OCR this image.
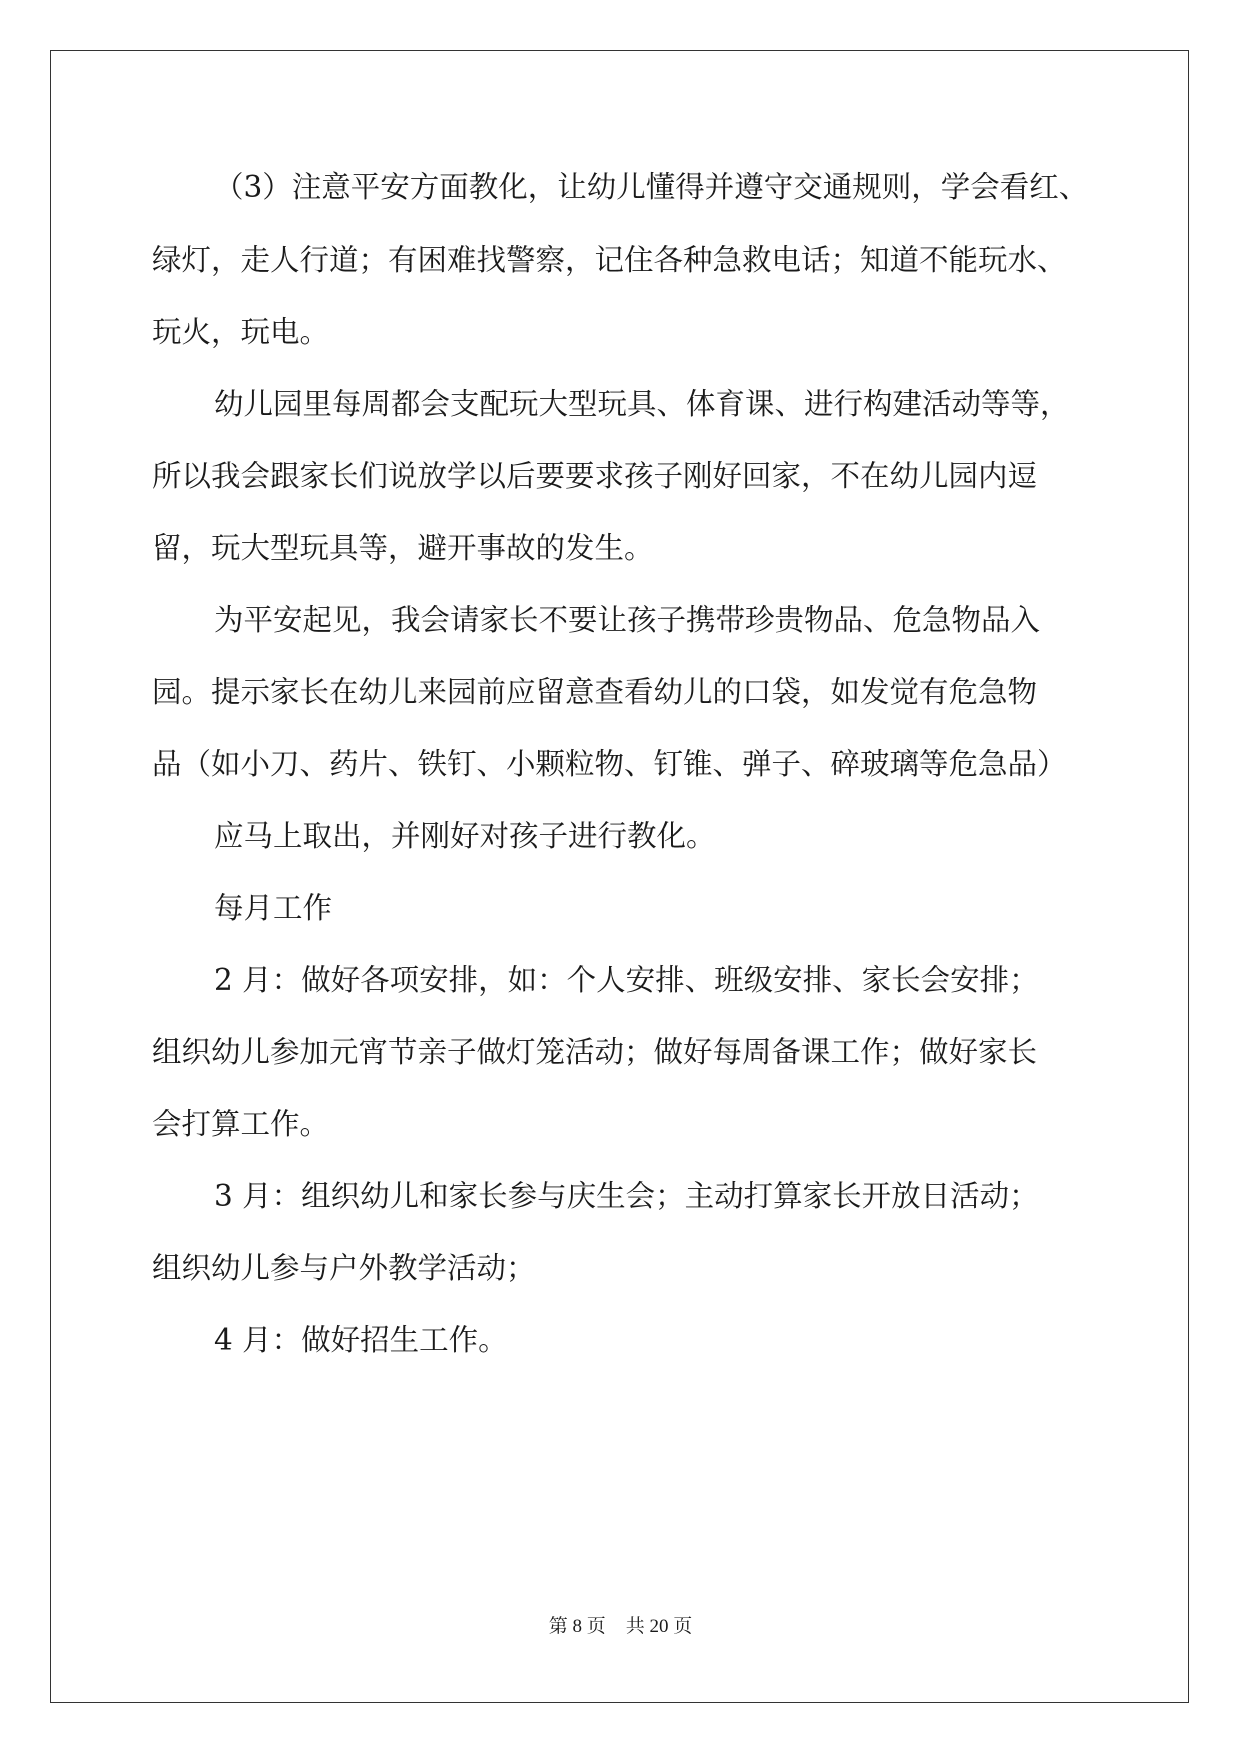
（3）注意平安方面教化，让幼儿懂得并遵守交通规则，学会看红、
绿灯，走人行道；有困难找警察，记住各种急救电话；知道不能玩水、
玩火，玩电。
幼儿园里每周都会支配玩大型玩具、体育课、进行构建活动等等，
所以我会跟家长们说放学以后要要求孩子刚好回家，不在幼儿园内逗
留，玩大型玩具等，避开事故的发生。
为平安起见，我会请家长不要让孩子携带珍贵物品、危急物品入
园。提示家长在幼儿来园前应留意查看幼儿的口袋，如发觉有危急物
品（如小刀、药片、铁钉、小颗粒物、钉锥、弹子、碎玻璃等危急品）
应马上取出，并刚好对孩子进行教化。
每月工作
2 月：做好各项安排，如：个人安排、班级安排、家长会安排；
组织幼儿参加元宵节亲子做灯笼活动；做好每周备课工作；做好家长
会打算工作。
3 月：组织幼儿和家长参与庆生会；主动打算家长开放日活动；
组织幼儿参与户外教学活动；
4 月：做好招生工作。
第 8 页 共 20 页
